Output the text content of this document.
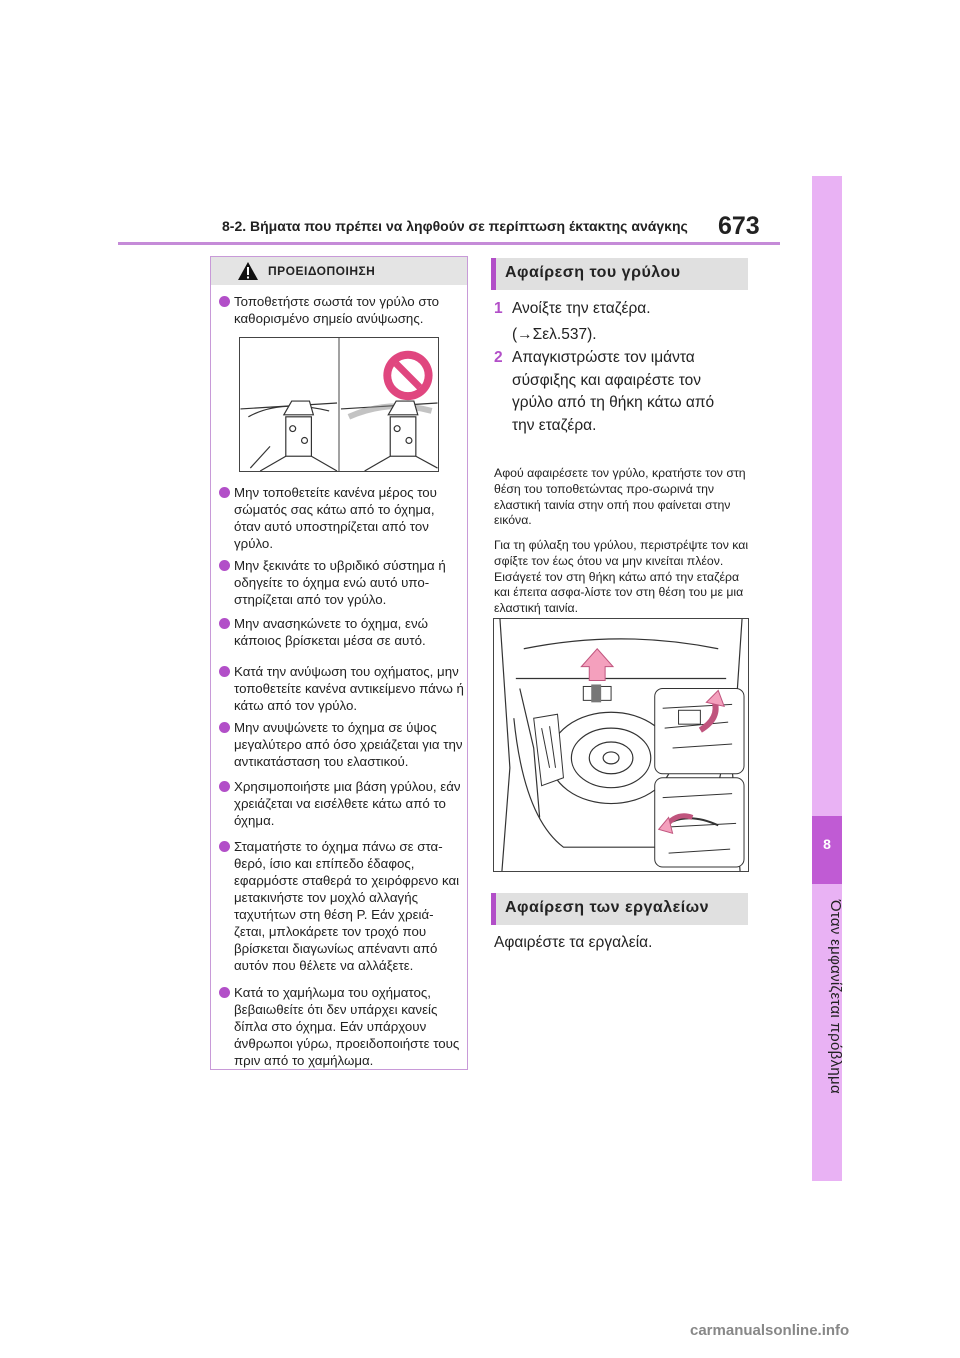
8-2. Βήματα που πρέπει να ληφθούν σε περίπτωση έκτακτης ανάγκης 673
8
Όταν εμφανίζεται πρόβλημα
ΠΡΟΕΙΔΟΠΟΙΗΣΗ
Τοποθετήστε σωστά τον γρύλο στο καθορισμένο σημείο ανύψωσης.
Μην τοποθετείτε κανένα μέρος του σώματός σας κάτω από το όχημα, όταν αυτό υποστηρίζεται από τον γρύλο.
Μην ξεκινάτε το υβριδικό σύστημα ή οδηγείτε το όχημα ενώ αυτό υπο-στηρίζεται από τον γρύλο.
Μην ανασηκώνετε το όχημα, ενώ κάποιος βρίσκεται μέσα σε αυτό.
Κατά την ανύψωση του οχήματος, μην τοποθετείτε κανένα αντικείμενο πάνω ή κάτω από τον γρύλο.
Μην ανυψώνετε το όχημα σε ύψος μεγαλύτερο από όσο χρειάζεται για την αντικατάσταση του ελαστικού.
Χρησιμοποιήστε μια βάση γρύλου, εάν χρειάζεται να εισέλθετε κάτω από το όχημα.
Σταματήστε το όχημα πάνω σε στα-θερό, ίσιο και επίπεδο έδαφος, εφαρμόστε σταθερά το χειρόφρενο και μετακινήστε τον μοχλό αλλαγής ταχυτήτων στη θέση P. Εάν χρειά-ζεται, μπλοκάρετε τον τροχό που βρίσκεται διαγωνίως απέναντι από αυτόν που θέλετε να αλλάξετε.
Κατά το χαμήλωμα του οχήματος, βεβαιωθείτε ότι δεν υπάρχει κανείς δίπλα στο όχημα. Εάν υπάρχουν άνθρωποι γύρω, προειδοποιήστε τους πριν από το χαμήλωμα.
Αφαίρεση του γρύλου
1 Ανοίξτε την εταζέρα.
(→Σελ.537).
2 Απαγκιστρώστε τον ιμάντα σύσφιξης και αφαιρέστε τον γρύλο από τη θήκη κάτω από την εταζέρα.
Αφού αφαιρέσετε τον γρύλο, κρατήστε τον στη θέση του τοποθετώντας προ-σωρινά την ελαστική ταινία στην οπή που φαίνεται στην εικόνα.
Για τη φύλαξη του γρύλου, περιστρέψτε τον και σφίξτε τον έως ότου να μην κινείται πλέον. Εισάγετέ τον στη θήκη κάτω από την εταζέρα και έπειτα ασφα-λίστε τον στη θέση του με μια ελαστική ταινία.
Αφαίρεση των εργαλείων
Αφαιρέστε τα εργαλεία.
carmanualsonline.info
